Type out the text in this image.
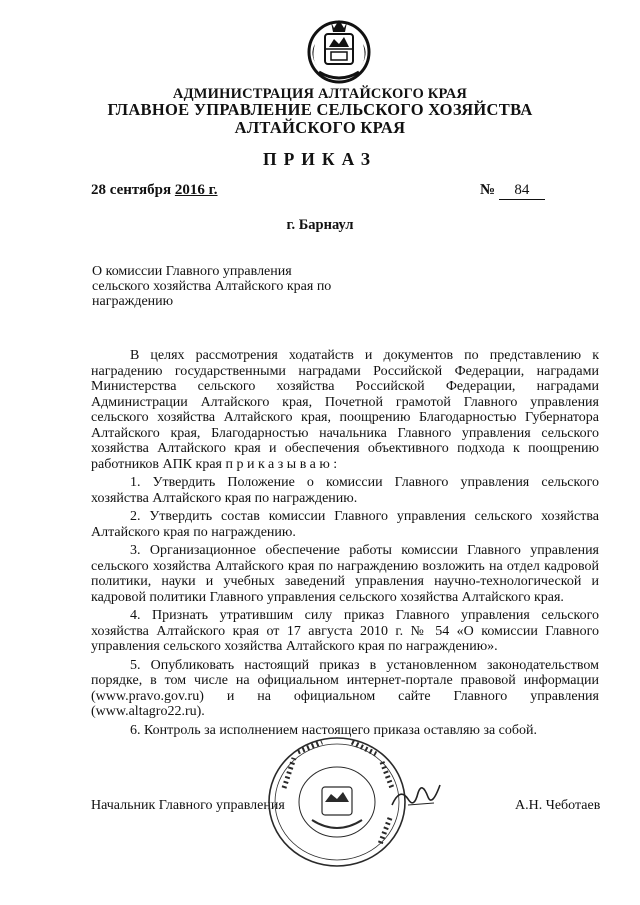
АДМИНИСТРАЦИЯ АЛТАЙСКОГО КРАЯ
ГЛАВНОЕ УПРАВЛЕНИЕ СЕЛЬСКОГО ХОЗЯЙСТВА
АЛТАЙСКОГО КРАЯ
ПРИКАЗ
28 сентября 2016 г.	№ 84
г. Барнаул
О комиссии Главного управления сельского хозяйства Алтайского края по награждению

В целях рассмотрения ходатайств и документов по представлению к наградению государственными наградами Российской Федерации, наградами Министерства сельского хозяйства Российской Федерации, наградами Администрации Алтайского края, Почетной грамотой Главного управления сельского хозяйства Алтайского края, поощрению Благодарностью Губернатора Алтайского края, Благодарностью начальника Главного управления сельского хозяйства Алтайского края и обеспечения объективного подхода к поощрению работников АПК края приказываю:

1. Утвердить Положение о комиссии Главного управления сельского хозяйства Алтайского края по награждению.

2. Утвердить состав комиссии Главного управления сельского хозяйства Алтайского края по награждению.

3. Организационное обеспечение работы комиссии Главного управления сельского хозяйства Алтайского края по награждению возложить на отдел кадровой политики, науки и учебных заведений управления научно-технологической и кадровой политики Главного управления сельского хозяйства Алтайского края.

4. Признать утратившим силу приказ Главного управления сельского хозяйства Алтайского края от 17 августа 2010 г. № 54 «О комиссии Главного управления сельского хозяйства Алтайского края по награждению».

5. Опубликовать настоящий приказ в установленном законодательством порядке, в том числе на официальном интернет-портале правовой информации (www.pravo.gov.ru) и на официальном сайте Главного управления (www.altagro22.ru).

6. Контроль за исполнением настоящего приказа оставляю за собой.

Начальник Главного управления	А.Н. Чеботаев
